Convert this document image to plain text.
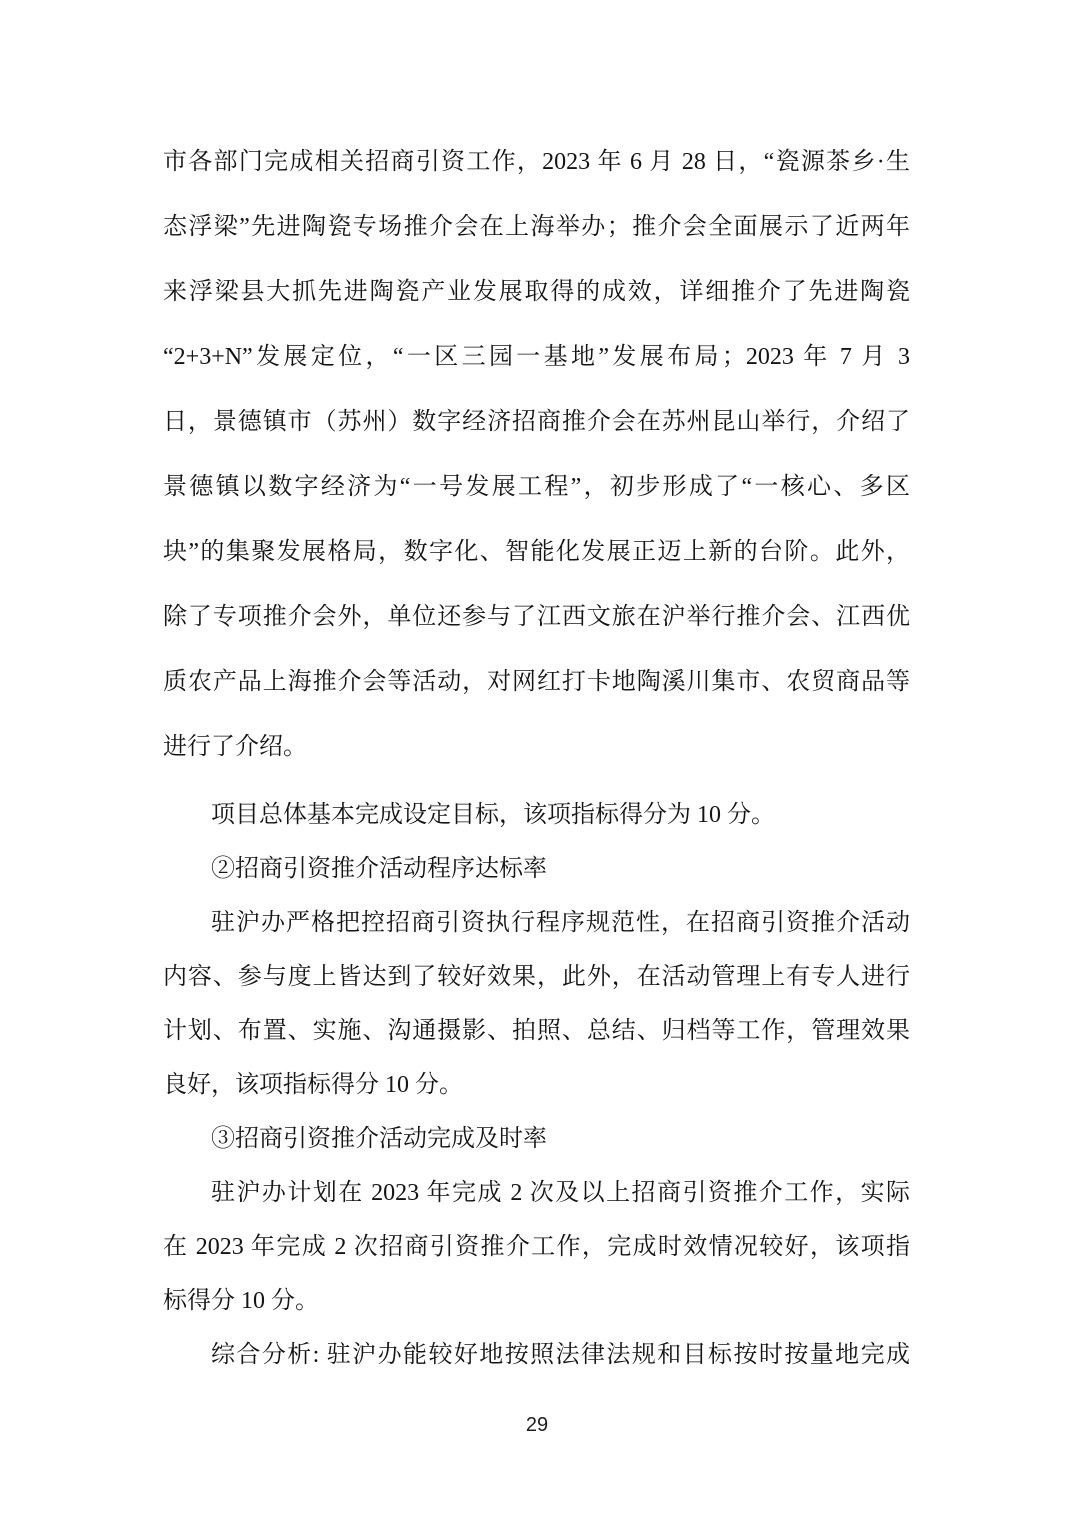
市各部门完成相关招商引资工作，2023 年 6 月 28 日，“瓷源茶乡·生
态浮梁”先进陶瓷专场推介会在上海举办；推介会全面展示了近两年
来浮梁县大抓先进陶瓷产业发展取得的成效，详细推介了先进陶瓷
“2+3+N”发展定位，“一区三园一基地”发展布局；2023 年 7 月 3
日，景德镇市（苏州）数字经济招商推介会在苏州昆山举行，介绍了
景德镇以数字经济为“一号发展工程”，初步形成了“一核心、多区
块”的集聚发展格局，数字化、智能化发展正迈上新的台阶。此外，
除了专项推介会外，单位还参与了江西文旅在沪举行推介会、江西优
质农产品上海推介会等活动，对网红打卡地陶溪川集市、农贸商品等
进行了介绍。
项目总体基本完成设定目标，该项指标得分为 10 分。
②招商引资推介活动程序达标率
驻沪办严格把控招商引资执行程序规范性，在招商引资推介活动
内容、参与度上皆达到了较好效果，此外，在活动管理上有专人进行
计划、布置、实施、沟通摄影、拍照、总结、归档等工作，管理效果
良好，该项指标得分 10 分。
③招商引资推介活动完成及时率
驻沪办计划在 2023 年完成 2 次及以上招商引资推介工作，实际
在 2023 年完成 2 次招商引资推介工作，完成时效情况较好，该项指
标得分 10 分。
综合分析: 驻沪办能较好地按照法律法规和目标按时按量地完成
29
